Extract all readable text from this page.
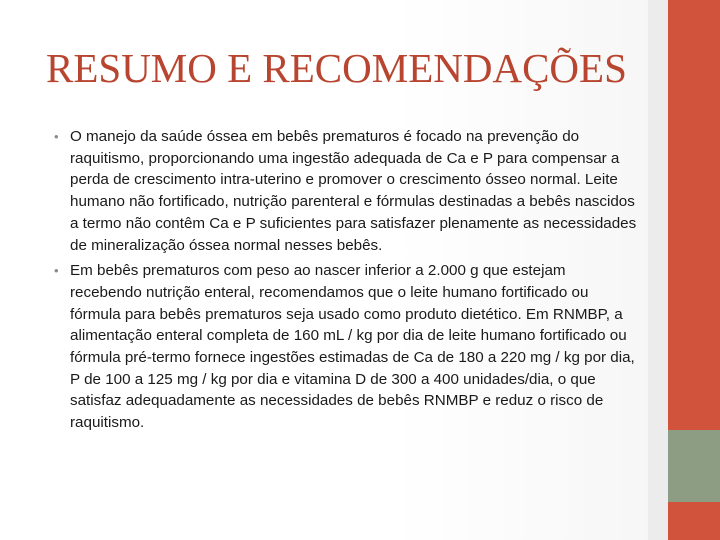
RESUMO E RECOMENDAÇÕES
• O manejo da saúde óssea em bebês prematuros é focado na prevenção do raquitismo, proporcionando uma ingestão adequada de Ca e P para compensar a perda de crescimento intra-uterino e promover o crescimento ósseo normal. Leite humano não fortificado, nutrição parenteral e fórmulas destinadas a bebês nascidos a termo não contêm Ca e P suficientes para satisfazer plenamente as necessidades de mineralização óssea normal nesses bebês.
• Em bebês prematuros com peso ao nascer inferior a 2.000 g que estejam recebendo nutrição enteral, recomendamos que o leite humano fortificado ou fórmula para bebês prematuros seja usado como produto dietético. Em RNMBP, a alimentação enteral completa de 160 mL / kg por dia de leite humano fortificado ou fórmula pré-termo fornece ingestões estimadas de Ca de 180 a 220 mg / kg por dia, P de 100 a 125 mg / kg por dia e vitamina D de 300 a 400 unidades/dia, o que satisfaz adequadamente as necessidades de bebês RNMBP e reduz o risco de raquitismo.
